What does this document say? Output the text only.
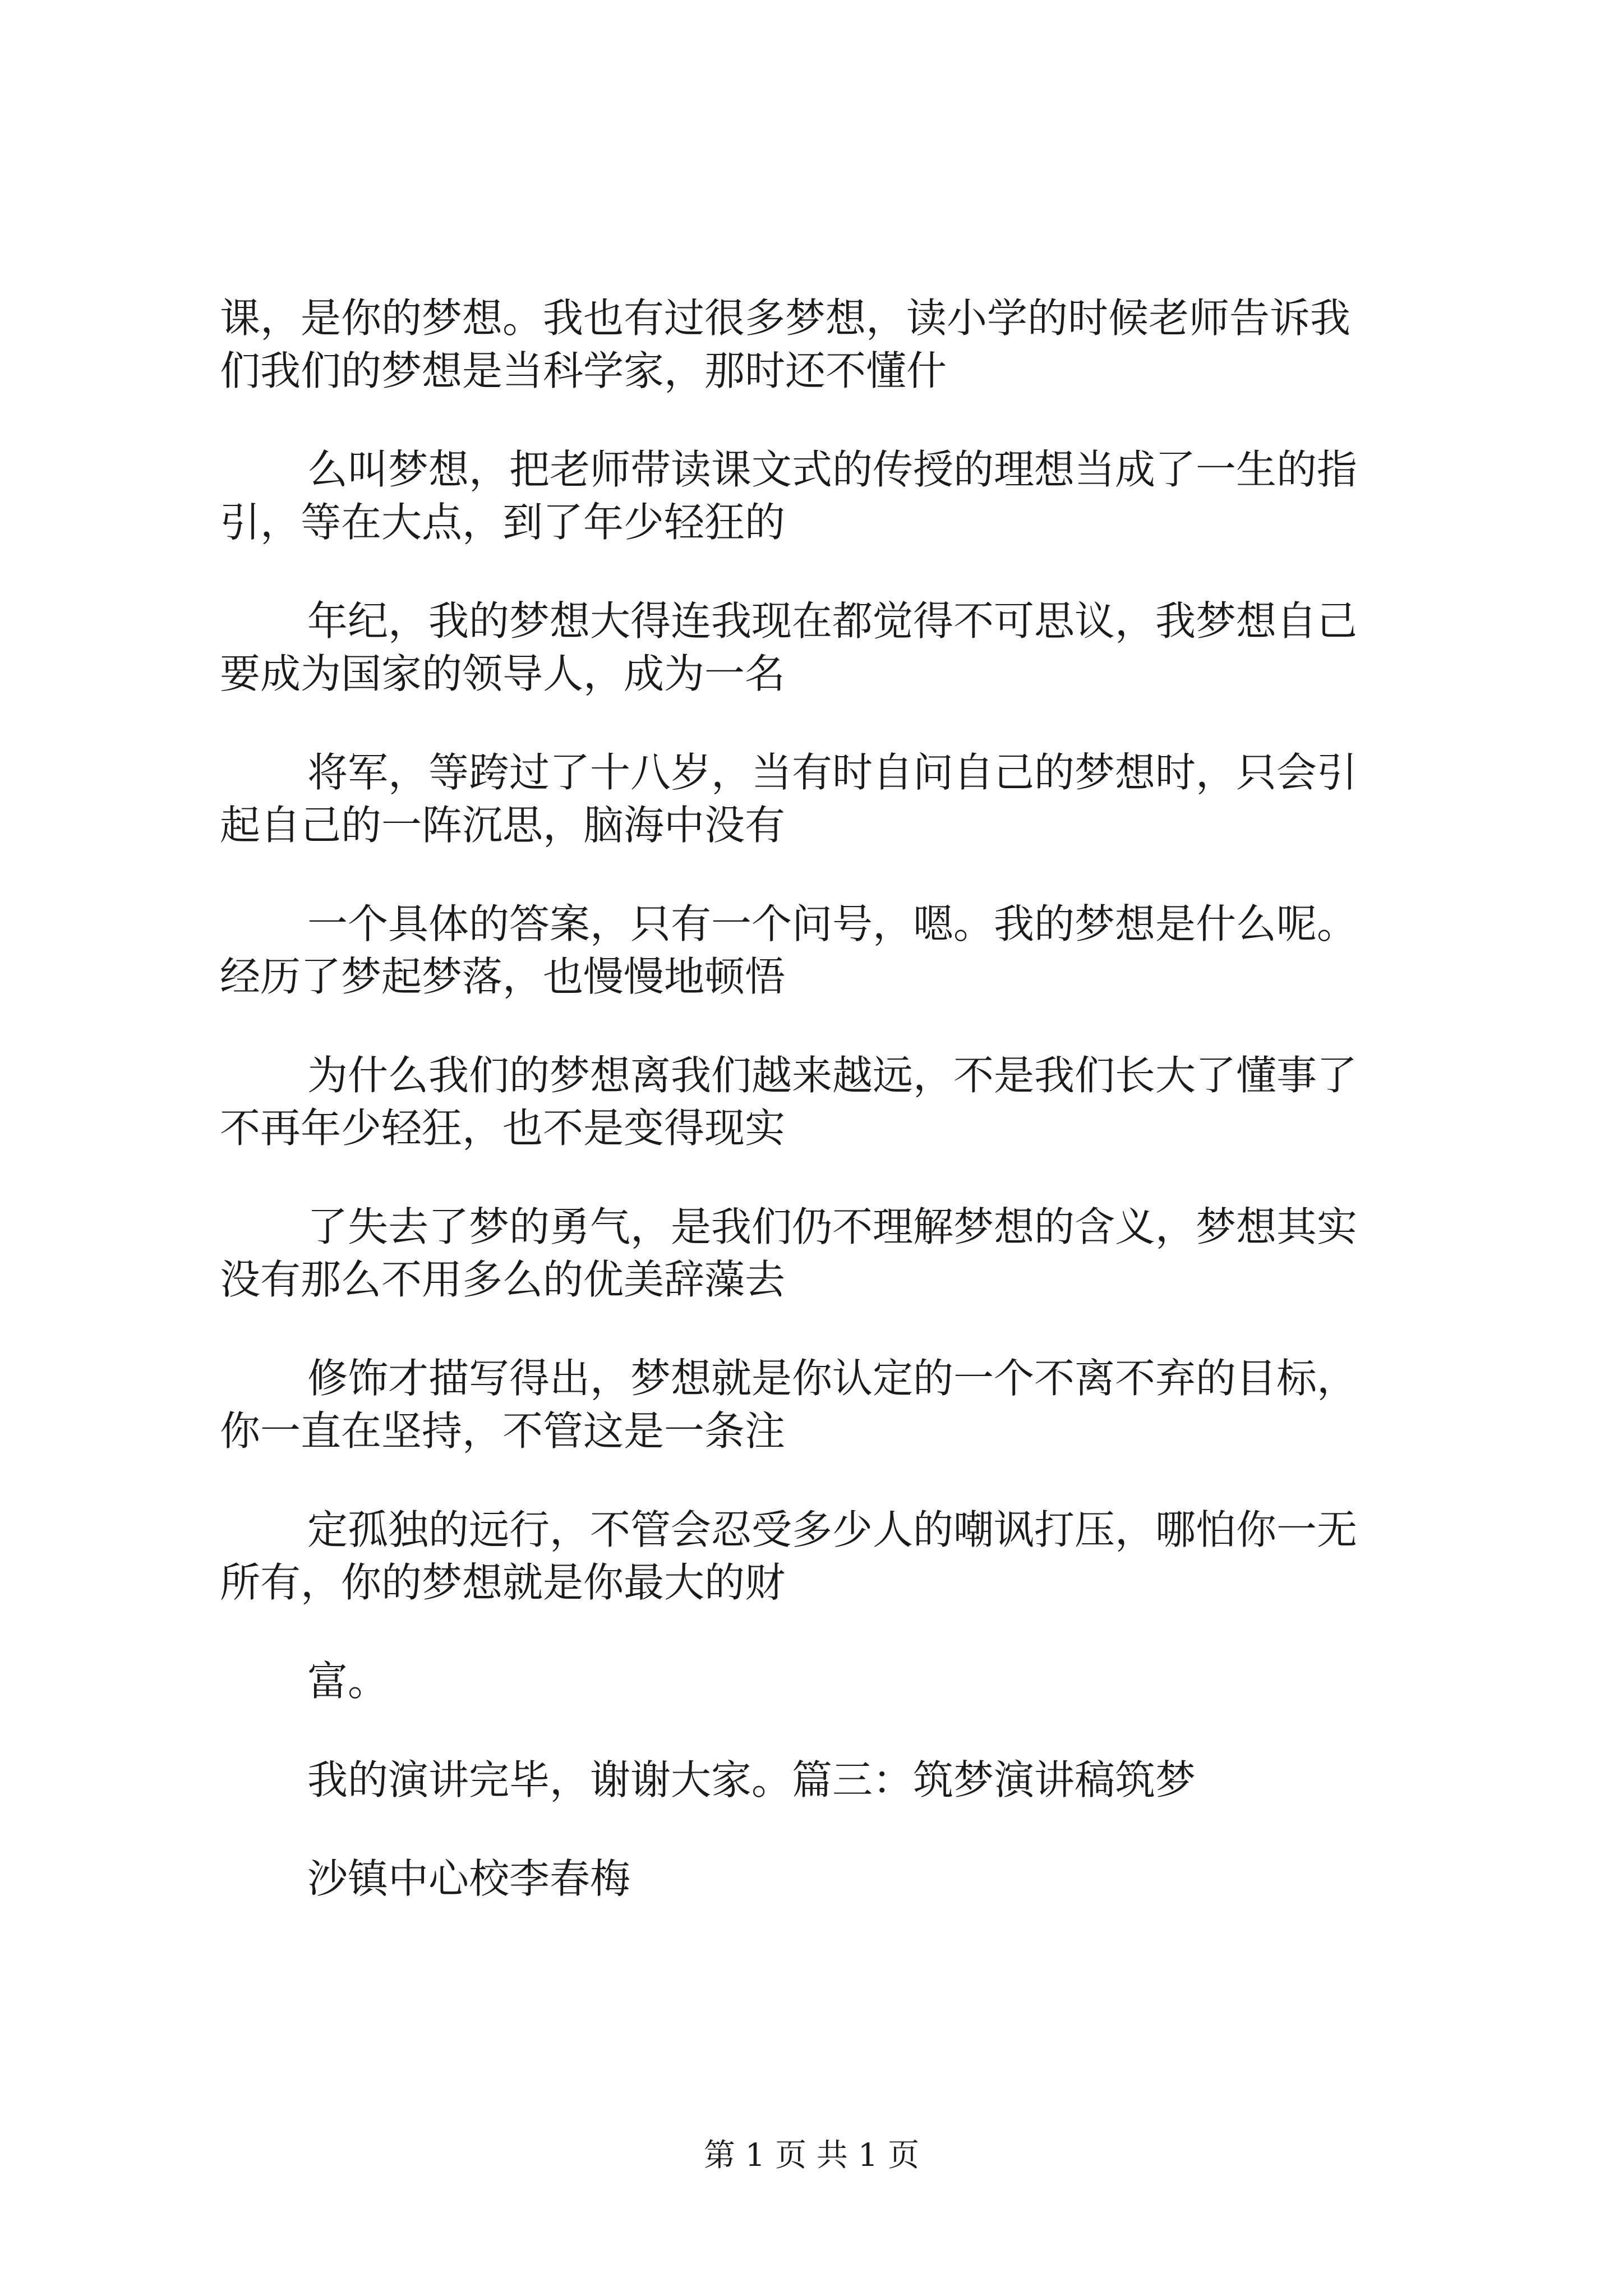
课，是你的梦想。我也有过很多梦想，读小学的时候老师告诉我

们我们的梦想是当科学家，那时还不懂什

么叫梦想，把老师带读课文式的传授的理想当成了一生的指

引，等在大点，到了年少轻狂的

年纪，我的梦想大得连我现在都觉得不可思议，我梦想自己

要成为国家的领导人，成为一名

将军，等跨过了十八岁，当有时自问自己的梦想时，只会引

起自己的一阵沉思，脑海中没有

一个具体的答案，只有一个问号，嗯。我的梦想是什么呢。

经历了梦起梦落，也慢慢地顿悟

为什么我们的梦想离我们越来越远，不是我们长大了懂事了

不再年少轻狂，也不是变得现实

了失去了梦的勇气，是我们仍不理解梦想的含义，梦想其实

没有那么不用多么的优美辞藻去

修饰才描写得出，梦想就是你认定的一个不离不弃的目标，

你一直在坚持，不管这是一条注

定孤独的远行，不管会忍受多少人的嘲讽打压，哪怕你一无

所有，你的梦想就是你最大的财

富。

我的演讲完毕，谢谢大家。篇三：筑梦演讲稿筑梦

沙镇中心校李春梅

第 1 页 共 1 页
